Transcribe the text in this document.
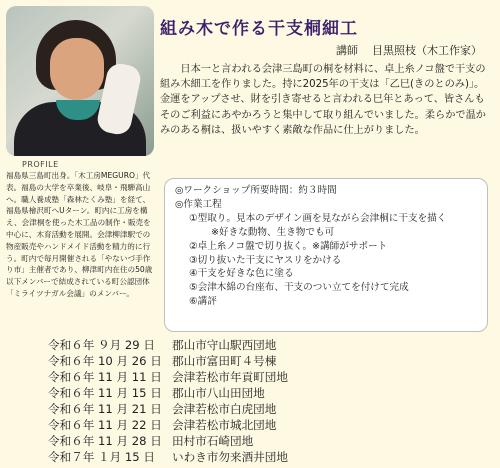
組み木で作る干支桐細工
講師 目黒照枝（木工作家）

日本一と言われる会津三島町の桐を材料に、卓上糸ノコ盤で干支の組み木細工を作りました。持に2025年の干支は「乙巳(きのとのみ)」。金運をアップさせ、財を引き寄せると言われる巳年とあって、皆さんもそのご利益にあやかろうと集中して取り組んでいました。柔らかで温かみのある桐は、扱いやすく素敵な作品に仕上がりました。

PROFILE

福島県三島町出身。「木工房MEGURO」代表。福島の大学を卒業後、岐阜・飛騨高山へ。職人養成塾「森林たくみ塾」を経て、福島県檜沢町へUターン。町内に工房を構え、会津桐を使った木工品の制作・販売を中心に、木育活動を展開。会津柳津駅での物産販売やハンドメイド活動を精力的に行う。町内で毎月開催される「やないづ手作り市」主催者であり、柳津町内在住の50歳以下メンバーで結成されている町公認団体「ミライツナガル会議」のメンバー。

◎ワークショップ所要時間：約３時間
◎作業工程
①型取り。見本のデザイン画を見ながら会津桐に干支を描く
※好きな動物、生き物でも可
②卓上糸ノコ盤で切り抜く。※講師がサポート
③切り抜いた干支にヤスリをかける
④干支を好きな色に塗る
⑤会津木綿の台座布、干支のつい立てを付けて完成
⑥講評
令和６年 ９月 29 日 郡山市守山駅西団地
令和６年 10 月 26 日 郡山市富田町４号棟
令和６年 11 月 11 日 会津若松市年貢町団地
令和６年 11 月 15 日 郡山市八山田団地
令和６年 11 月 21 日 会津若松市白虎団地
令和６年 11 月 22 日 会津若松市城北団地
令和６年 11 月 28 日 田村市石崎団地
令和７年 １月 15 日 いわき市勿来酒井団地
